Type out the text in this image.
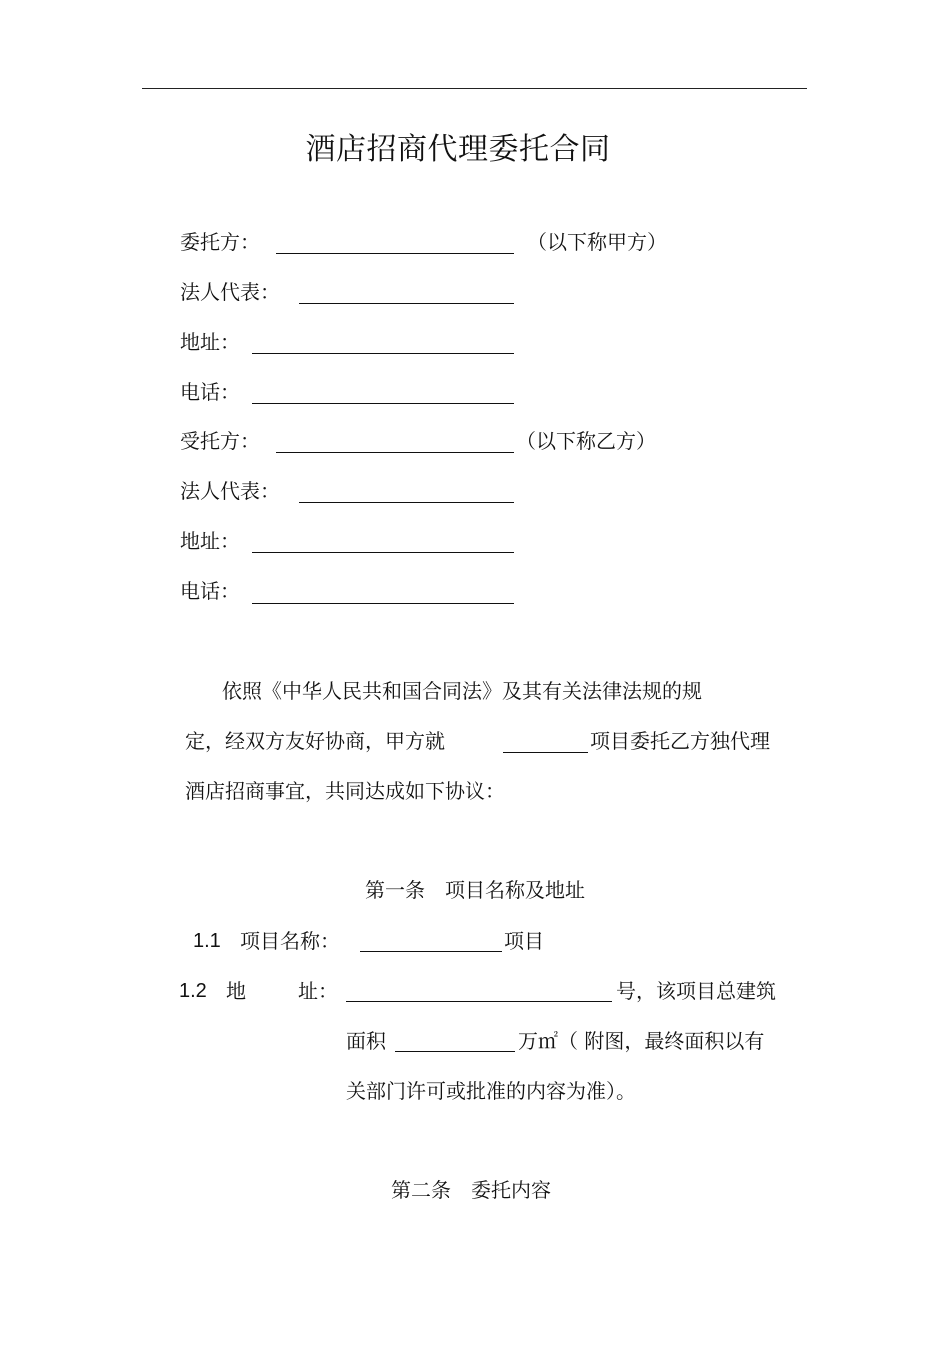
酒店招商代理委托合同
委托方：	（以下称甲方）
法人代表：
地址：
电话：
受托方：	（以下称乙方）
法人代表：
地址：
电话：
依照《中华人民共和国合同法》及其有关法律法规的规
定，经双方友好协商，甲方就	项目委托乙方独代理
酒店招商事宜，共同达成如下协议：
第一条　项目名称及地址
1.1 项目名称：	项目
1.2 地	址：	号，该项目总建筑
面积	万㎡（ 附图，最终面积以有
关部门许可或批准的内容为准）。
第二条　委托内容
